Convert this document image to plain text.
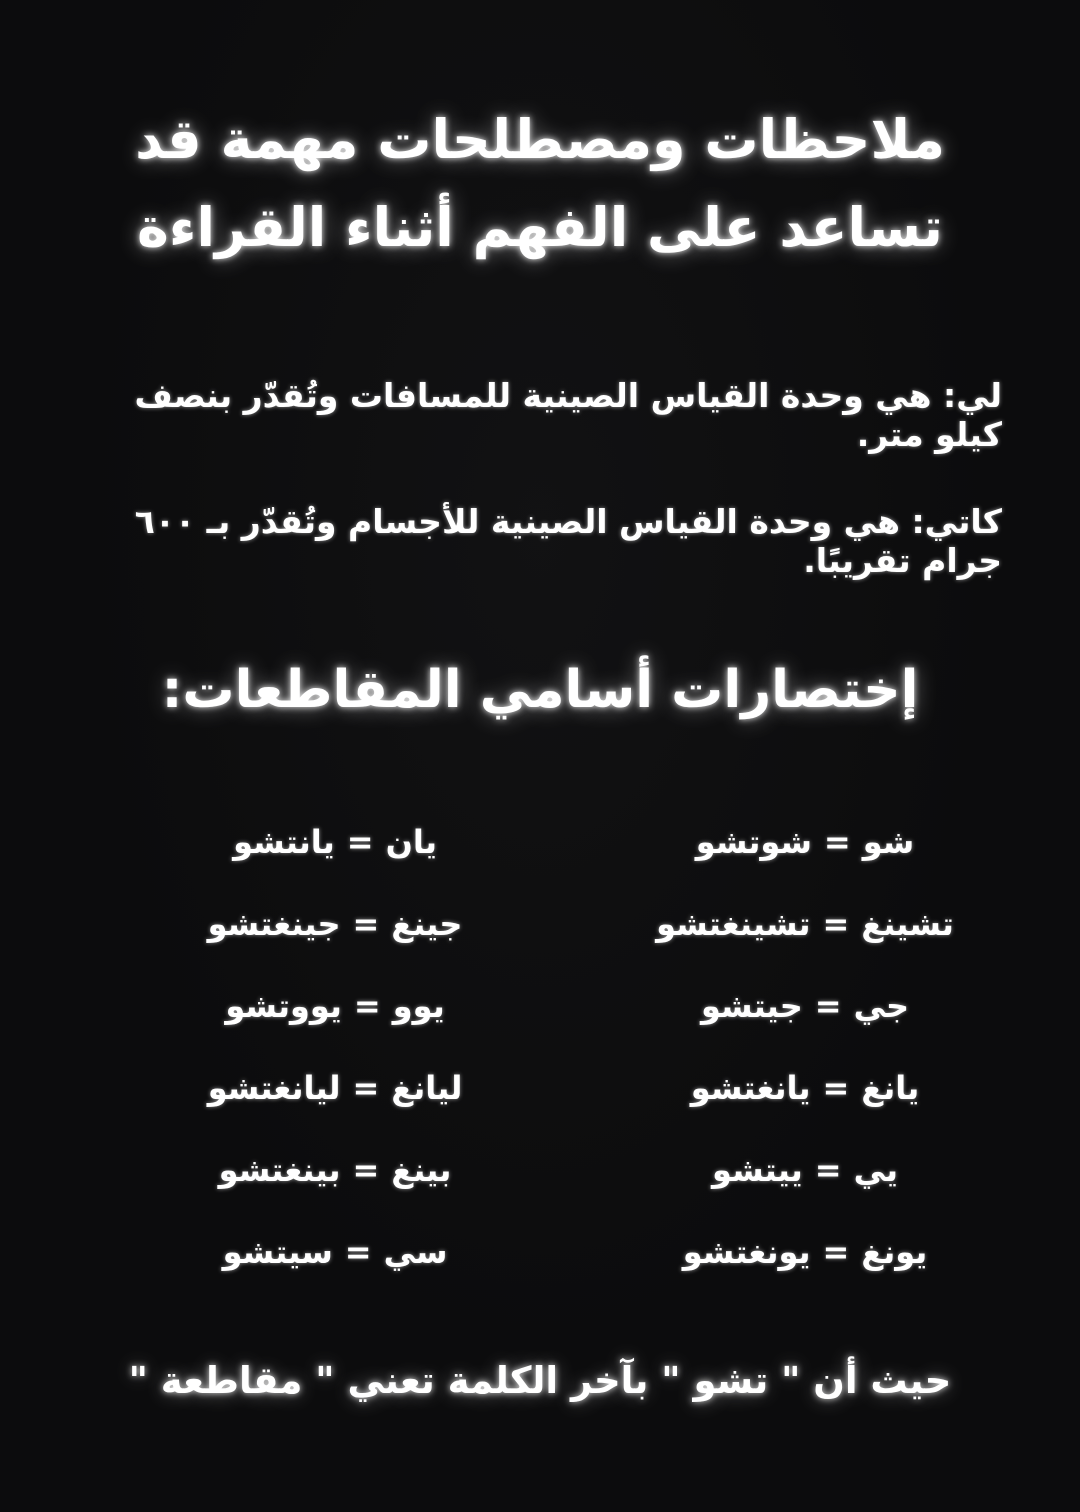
ملاحظات ومصطلحات مهمة قد
تساعد على الفهم أثناء القراءة

لي: هي وحدة القياس الصينية للمسافات وتُقدّر بنصف كيلو متر.

كاتي: هي وحدة القياس الصينية للأجسام وتُقدّر بـ ٦٠٠ جرام تقريبًا.

إختصارات أسامي المقاطعات:
شو=شوتشو
يان=يانتشو
تشينغ=تشينغتشو
جينغ=جينغتشو
جي=جيتشو
يوو=يووتشو
يانغ=يانغتشو
ليانغ=ليانغتشو
يي=ييتشو
بينغ=بينغتشو
يونغ=يونغتشو
سي=سيتشو

حيث أن " تشو " بآخر الكلمة تعني " مقاطعة "
